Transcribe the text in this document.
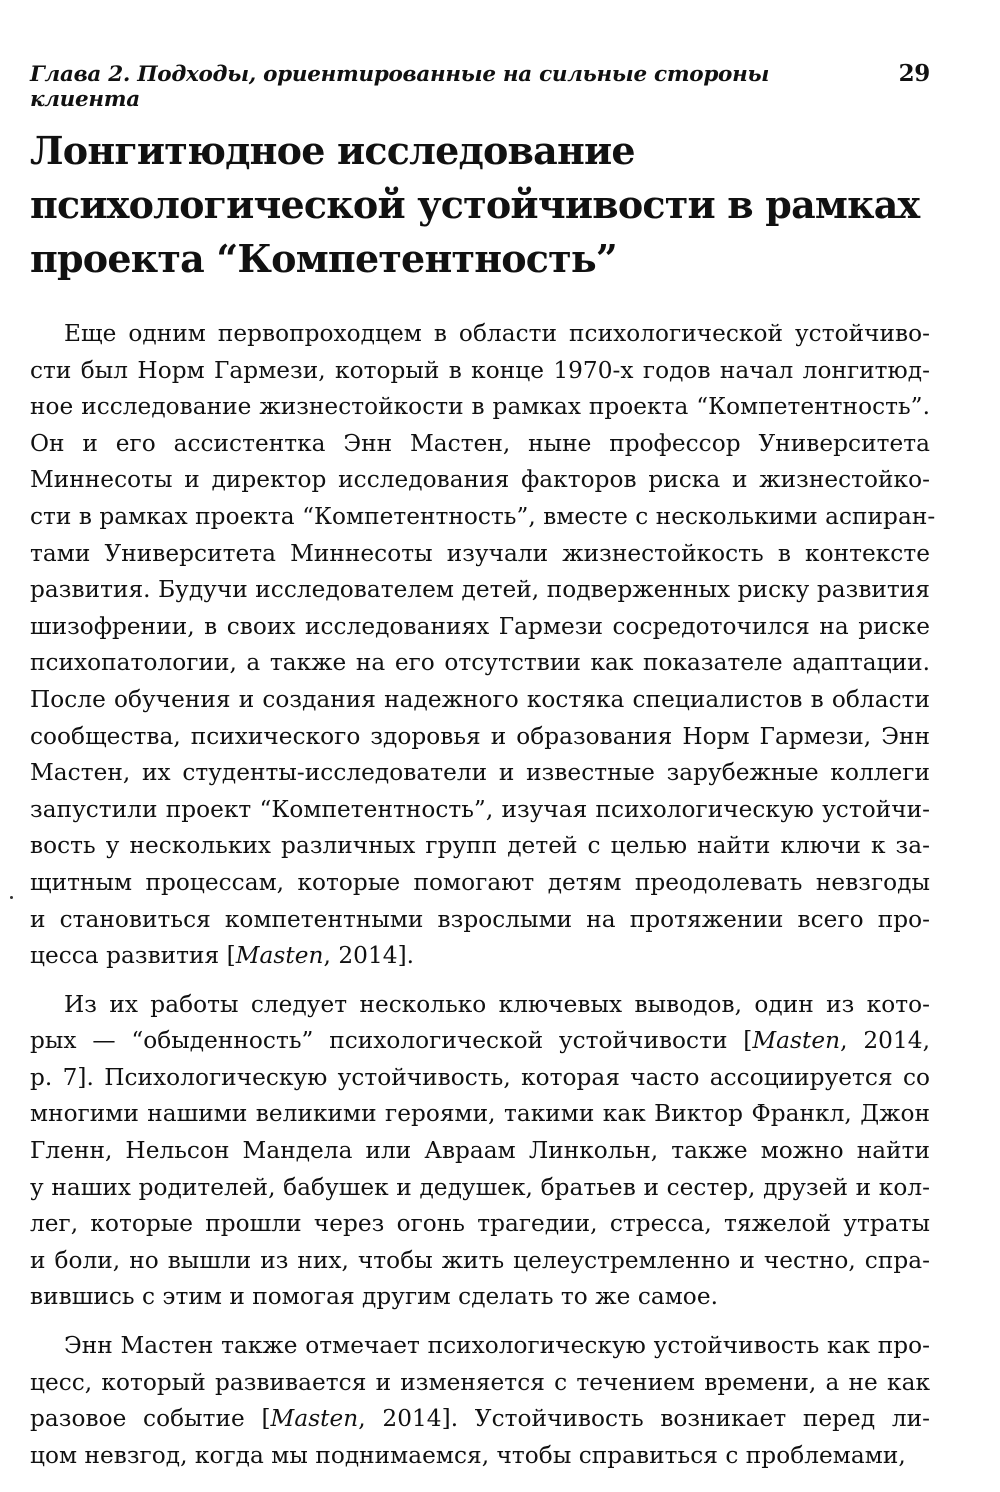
Глава 2. Подходы, ориентированные на сильные стороны клиента
29
Лонгитюдное исследование
психологической устойчивости в рамках
проекта “Компетентность”

Еще одним первопроходцем в области психологической устойчиво-
сти был Норм Гармези, который в конце 1970-х годов начал лонгитюд-
ное исследование жизнестойкости в рамках проекта “Компетентность”.
Он и его ассистентка Энн Мастен, ныне профессор Университета
Миннесоты и директор исследования факторов риска и жизнестойко-
сти в рамках проекта “Компетентность”, вместе с несколькими аспиран-
тами Университета Миннесоты изучали жизнестойкость в контексте
развития. Будучи исследователем детей, подверженных риску развития
шизофрении, в своих исследованиях Гармези сосредоточился на риске
психопатологии, а также на его отсутствии как показателе адаптации.
После обучения и создания надежного костяка специалистов в области
сообщества, психического здоровья и образования Норм Гармези, Энн
Мастен, их студенты-исследователи и известные зарубежные коллеги
запустили проект “Компетентность”, изучая психологическую устойчи-
вость у нескольких различных групп детей с целью найти ключи к за-
щитным процессам, которые помогают детям преодолевать невзгоды
и становиться компетентными взрослыми на протяжении всего про-
цесса развития [Masten, 2014].

Из их работы следует несколько ключевых выводов, один из кото-
рых — “обыденность” психологической устойчивости [Masten, 2014,
p. 7]. Психологическую устойчивость, которая часто ассоциируется со
многими нашими великими героями, такими как Виктор Франкл, Джон
Гленн, Нельсон Мандела или Авраам Линкольн, также можно найти
у наших родителей, бабушек и дедушек, братьев и сестер, друзей и кол-
лег, которые прошли через огонь трагедии, стресса, тяжелой утраты
и боли, но вышли из них, чтобы жить целеустремленно и честно, спра-
вившись с этим и помогая другим сделать то же самое.

Энн Мастен также отмечает психологическую устойчивость как про-
цесс, который развивается и изменяется с течением времени, а не как
разовое событие [Masten, 2014]. Устойчивость возникает перед ли-
цом невзгод, когда мы поднимаемся, чтобы справиться с проблемами,
